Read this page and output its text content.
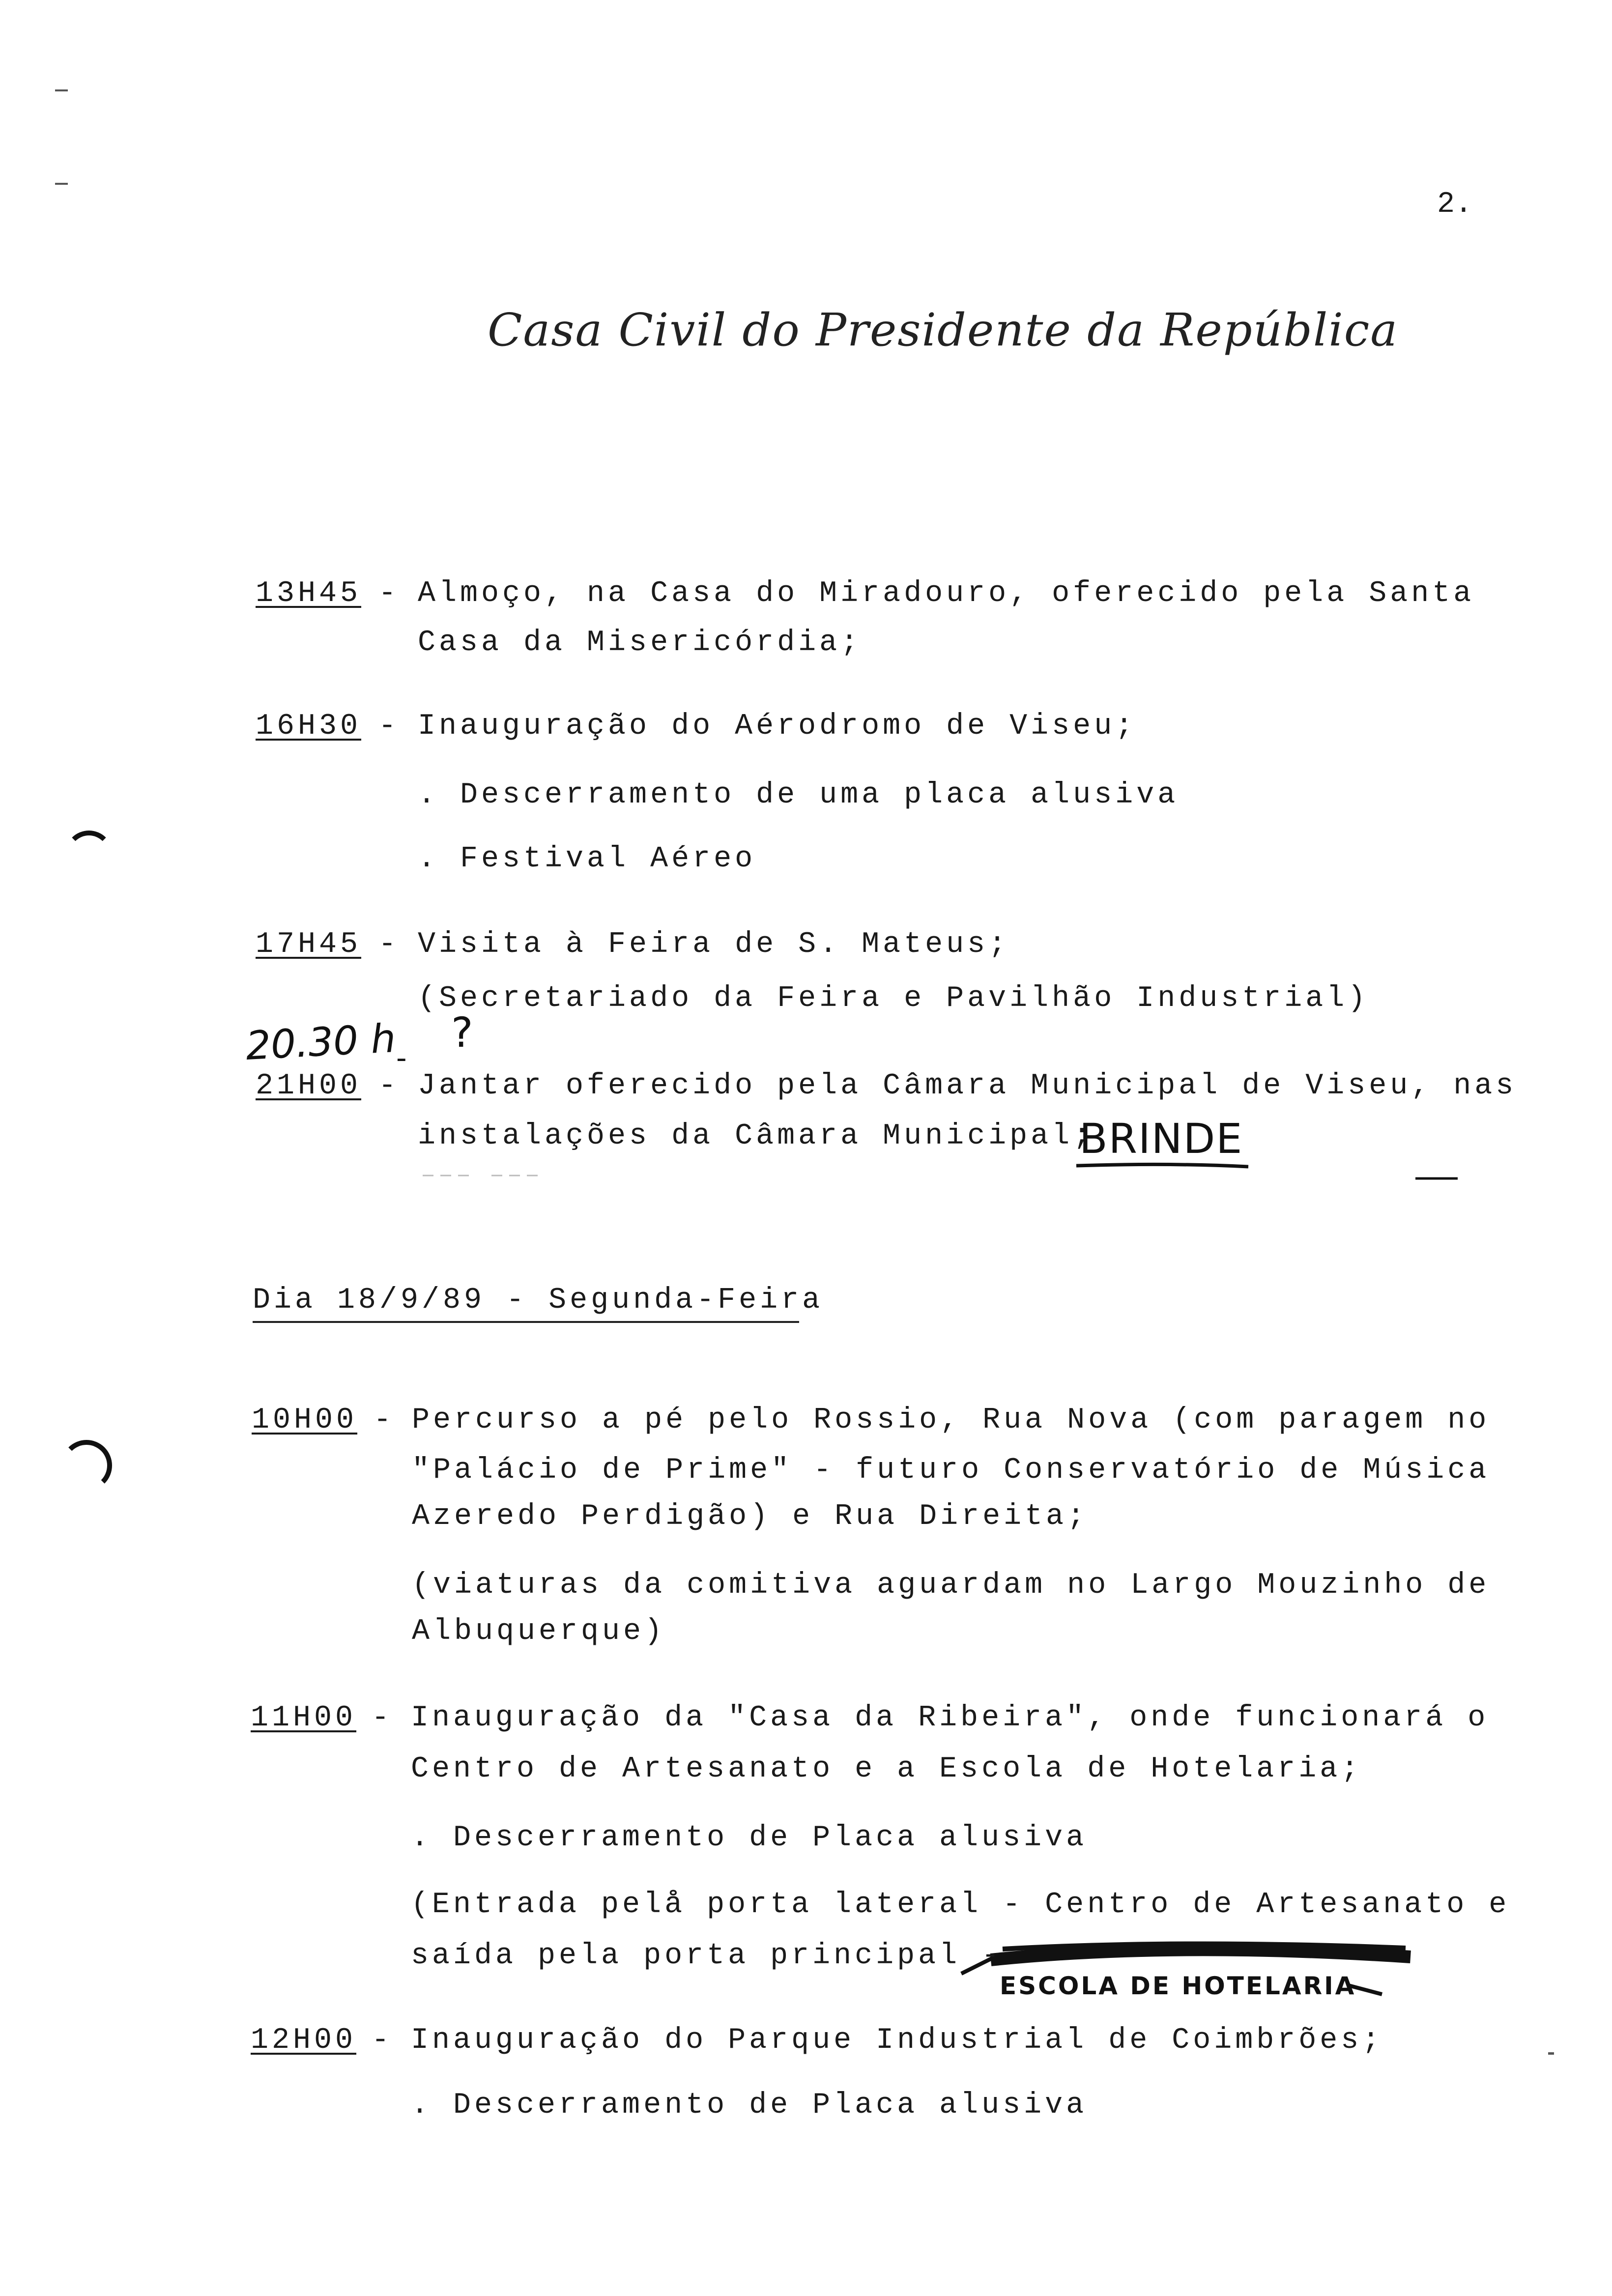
2.
Casa Civil do Presidente da República
13H45 - Almoço, na Casa do Miradouro, oferecido pela Santa
Casa da Misericórdia;
16H30 - Inauguração do Aérodromo de Viseu;
. Descerramento de uma placa alusiva
. Festival Aéreo
17H45 - Visita à Feira de S. Mateus;
(Secretariado da Feira e Pavilhão Industrial)
20.30 h
-
?
21H00 - Jantar oferecido pela Câmara Municipal de Viseu, nas
instalações da Câmara Municipal;
BRINDE
Dia 18/9/89 - Segunda-Feira
10H00 - Percurso a pé pelo Rossio, Rua Nova (com paragem no
"Palácio de Prime" - futuro Conservatório de Música
Azeredo Perdigão) e Rua Direita;
(viaturas da comitiva aguardam no Largo Mouzinho de
Albuquerque)
11H00 - Inauguração da "Casa da Ribeira", onde funcionará o
Centro de Artesanato e a Escola de Hotelaria;
. Descerramento de Placa alusiva
(Entrada pelå porta lateral - Centro de Artesanato e
saída pela porta principal -
ESCOLA DE HOTELARIA
12H00 - Inauguração do Parque Industrial de Coimbrões;
. Descerramento de Placa alusiva
